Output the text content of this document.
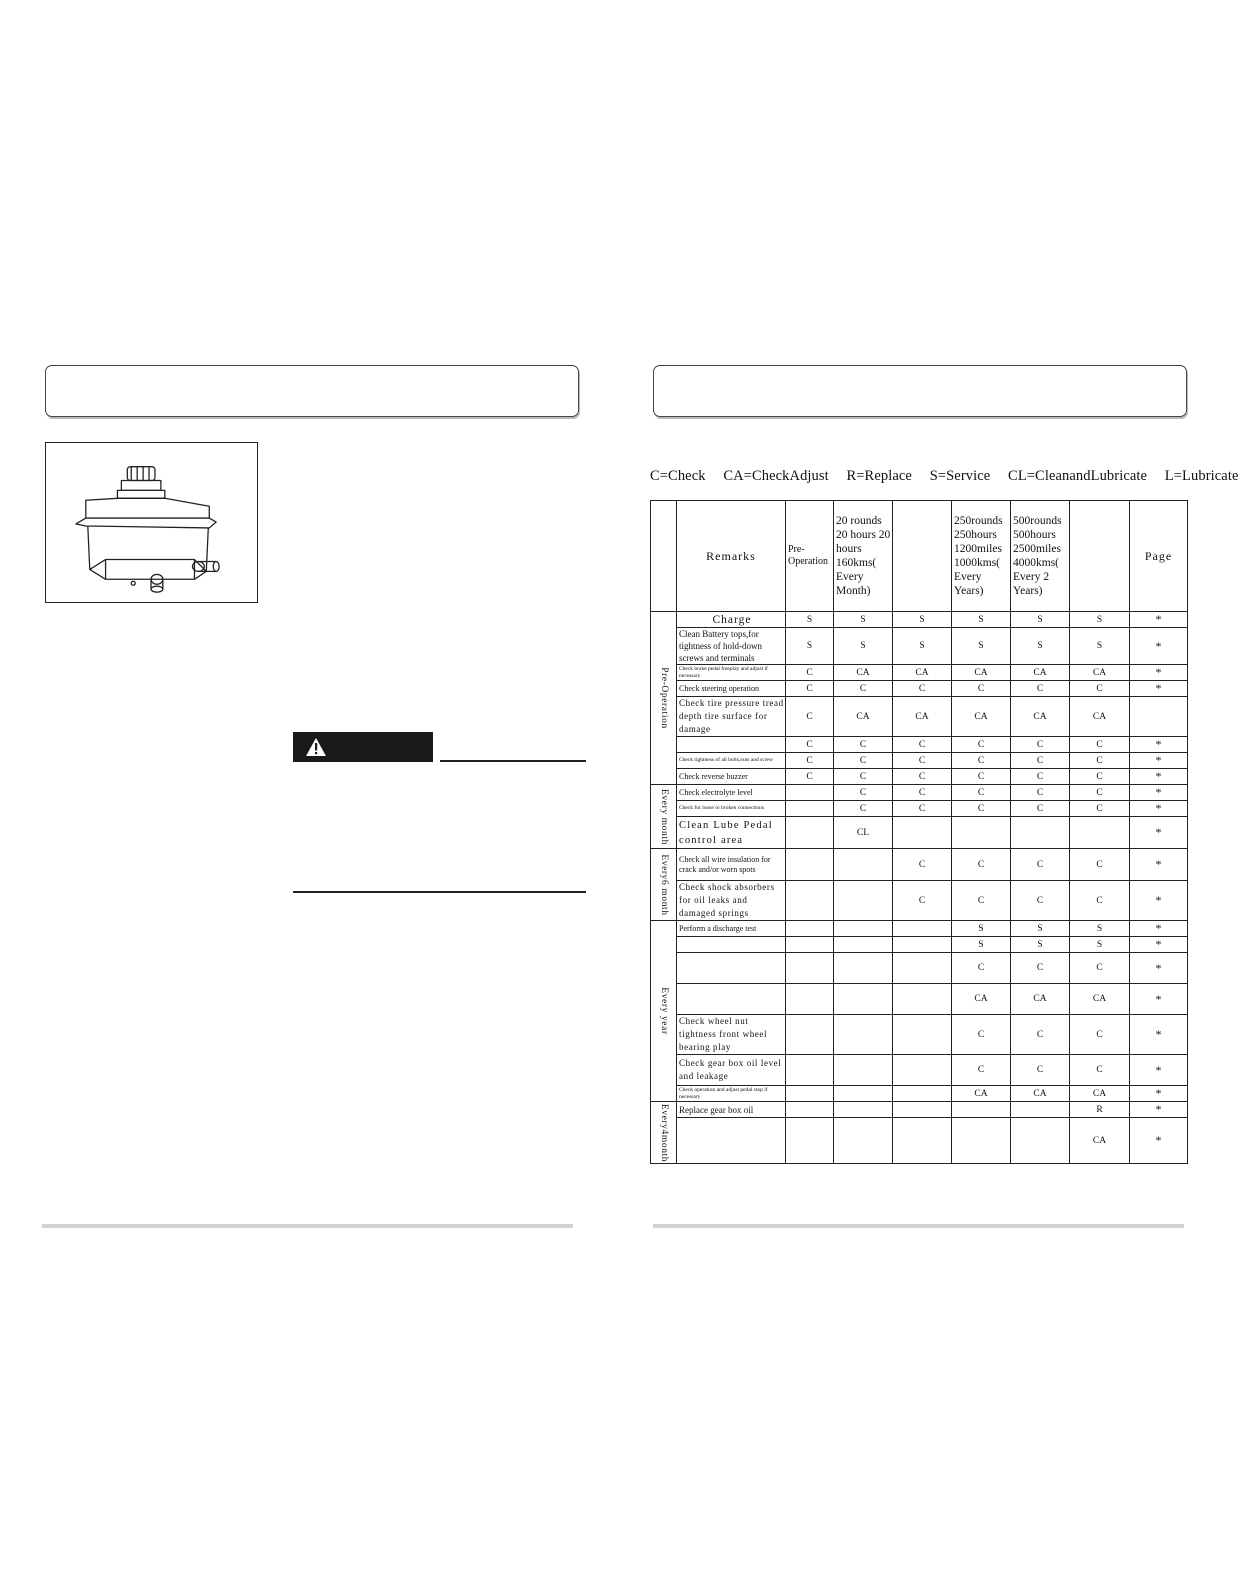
C=Check CA=CheckAdjust R=Replace S=Service CL=CleanandLubricate L=Lubricate
	Remarks	Pre-Operation	20 rounds 20 hours 20 hours 160kms( Every Month)		250rounds 250hours 1200miles 1000kms( Every Years)	500rounds 500hours 2500miles 4000kms( Every 2 Years)		Page

Pre-Operation	Charge	S	S	S	S	S	S	*
	Clean Battery tops,for tightness of hold-down screws and terminals	S	S	S	S	S	S	*
	Check brake pedal freeplay and adjust if necessary	C	CA	CA	CA	CA	CA	*
	Check steering operation	C	C	C	C	C	C	*
	Check tire pressure tread depth tire surface for damage	C	CA	CA	CA	CA	CA	
		C	C	C	C	C	C	*
	Check tightness of all bolts,nuts and screw	C	C	C	C	C	C	*
	Check reverse buzzer	C	C	C	C	C	C	*

Every month	Check electrolyte level		C	C	C	C	C	*
	Check for loose or broken connections		C	C	C	C	C	*
	Clean Lube Pedal control area		CL					*

Every6 month	Check all wire insulation for crack and/or worn spots			C	C	C	C	*
	Check shock absorbers for oil leaks and damaged springs			C	C	C	C	*

Every year	Perform a discharge test				S	S	S	*
					S	S	S	*
					C	C	C	*
					CA	CA	CA	*
	Check wheel nut tightness front wheel bearing play				C	C	C	*
	Check gear box oil level and leakage				C	C	C	*
	Check operation and adjust pedal stop if necessary				CA	CA	CA	*

Every4month	Replace gear box oil						R	*
							CA	*
